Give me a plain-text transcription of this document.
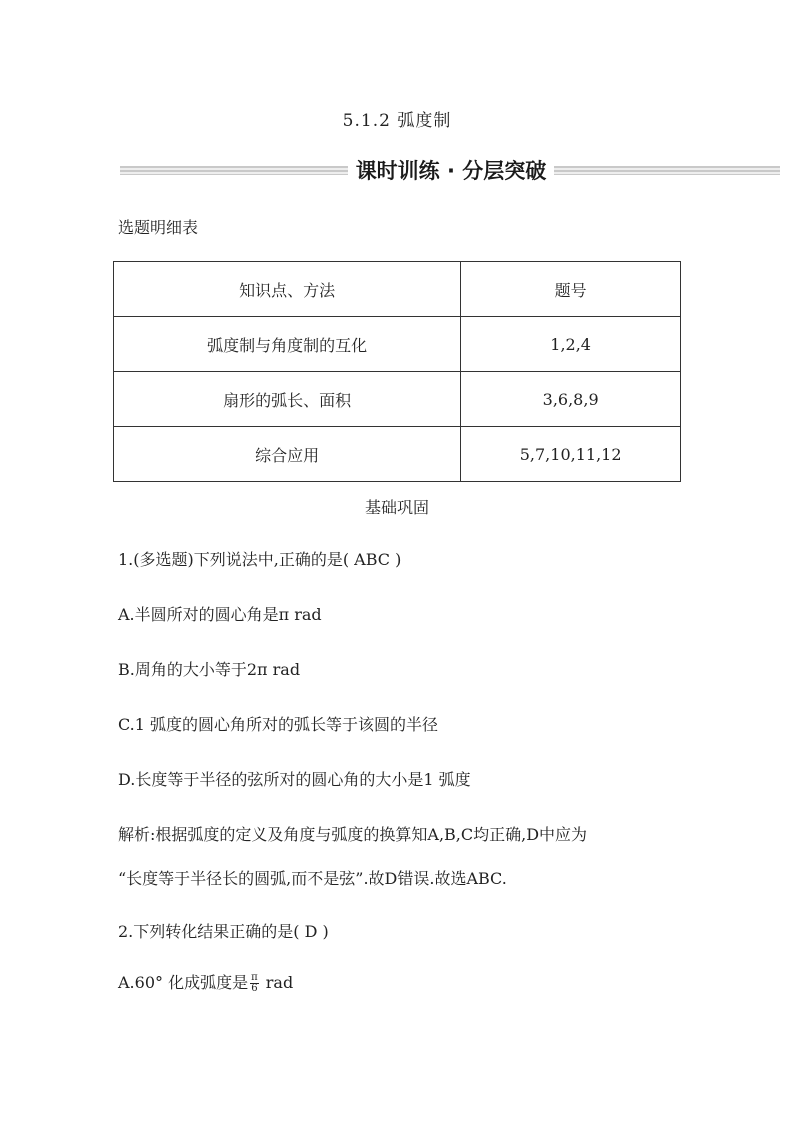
5.1.2 弧度制
课时训练 · 分层突破
选题明细表
知识点、方法	题号
弧度制与角度制的互化	1,2,4
扇形的弧长、面积	3,6,8,9
综合应用	5,7,10,11,12
基础巩固
1.(多选题)下列说法中,正确的是( ABC )
A.半圆所对的圆心角是π rad
B.周角的大小等于2π rad
C.1 弧度的圆心角所对的弧长等于该圆的半径
D.长度等于半径的弦所对的圆心角的大小是1 弧度
解析:根据弧度的定义及角度与弧度的换算知A,B,C均正确,D中应为
“长度等于半径长的圆弧,而不是弦”.故D错误.故选ABC.
2.下列转化结果正确的是( D )
A.60° 化成弧度是 $\frac{\pi}{6}$ rad
